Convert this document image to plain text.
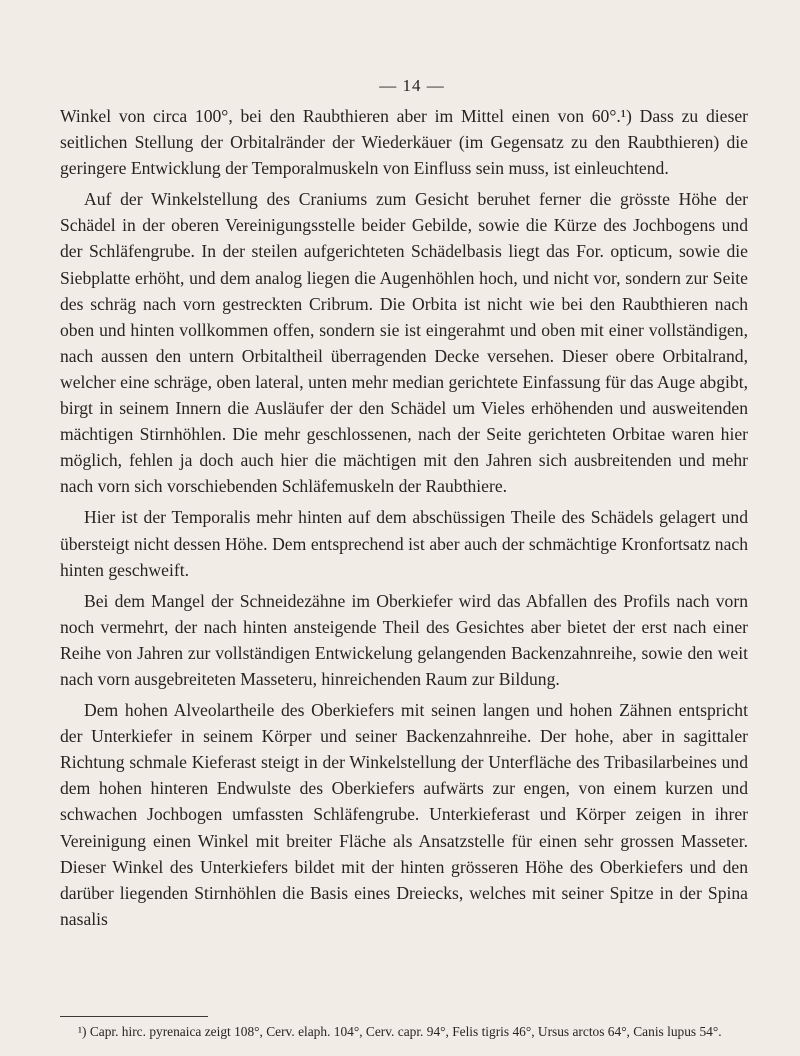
— 14 —

Winkel von circa 100°, bei den Raubthieren aber im Mittel einen von 60°.¹) Dass zu dieser seitlichen Stellung der Orbitalränder der Wiederkäuer (im Gegensatz zu den Raubthieren) die geringere Entwicklung der Temporalmuskeln von Einfluss sein muss, ist einleuchtend.

Auf der Winkelstellung des Craniums zum Gesicht beruhet ferner die grösste Höhe der Schädel in der oberen Vereinigungsstelle beider Gebilde, sowie die Kürze des Jochbogens und der Schläfengrube. In der steilen aufgerichteten Schädelbasis liegt das For. opticum, sowie die Siebplatte erhöht, und dem analog liegen die Augenhöhlen hoch, und nicht vor, sondern zur Seite des schräg nach vorn gestreckten Cribrum. Die Orbita ist nicht wie bei den Raubthieren nach oben und hinten vollkommen offen, sondern sie ist eingerahmt und oben mit einer vollständigen, nach aussen den untern Orbitaltheil überragenden Decke versehen. Dieser obere Orbitalrand, welcher eine schräge, oben lateral, unten mehr median gerichtete Einfassung für das Auge abgibt, birgt in seinem Innern die Ausläufer der den Schädel um Vieles erhöhenden und ausweitenden mächtigen Stirnhöhlen. Die mehr geschlossenen, nach der Seite gerichteten Orbitae waren hier möglich, fehlen ja doch auch hier die mächtigen mit den Jahren sich ausbreitenden und mehr nach vorn sich vorschiebenden Schläfemuskeln der Raubthiere.

Hier ist der Temporalis mehr hinten auf dem abschüssigen Theile des Schädels gelagert und übersteigt nicht dessen Höhe. Dem entsprechend ist aber auch der schmächtige Kronfortsatz nach hinten geschweift.

Bei dem Mangel der Schneidezähne im Oberkiefer wird das Abfallen des Profils nach vorn noch vermehrt, der nach hinten ansteigende Theil des Gesichtes aber bietet der erst nach einer Reihe von Jahren zur vollständigen Entwickelung gelangenden Backenzahnreihe, sowie den weit nach vorn ausgebreiteten Masseteru, hinreichenden Raum zur Bildung.

Dem hohen Alveolartheile des Oberkiefers mit seinen langen und hohen Zähnen entspricht der Unterkiefer in seinem Körper und seiner Backenzahnreihe. Der hohe, aber in sagittaler Richtung schmale Kieferast steigt in der Winkelstellung der Unterfläche des Tribasilarbeines und dem hohen hinteren Endwulste des Oberkiefers aufwärts zur engen, von einem kurzen und schwachen Jochbogen umfassten Schläfengrube. Unterkieferast und Körper zeigen in ihrer Vereinigung einen Winkel mit breiter Fläche als Ansatzstelle für einen sehr grossen Masseter. Dieser Winkel des Unterkiefers bildet mit der hinten grösseren Höhe des Oberkiefers und den darüber liegenden Stirnhöhlen die Basis eines Dreiecks, welches mit seiner Spitze in der Spina nasalis

¹) Capr. hirc. pyrenaica zeigt 108°, Cerv. elaph. 104°, Cerv. capr. 94°, Felis tigris 46°, Ursus arctos 64°, Canis lupus 54°.
